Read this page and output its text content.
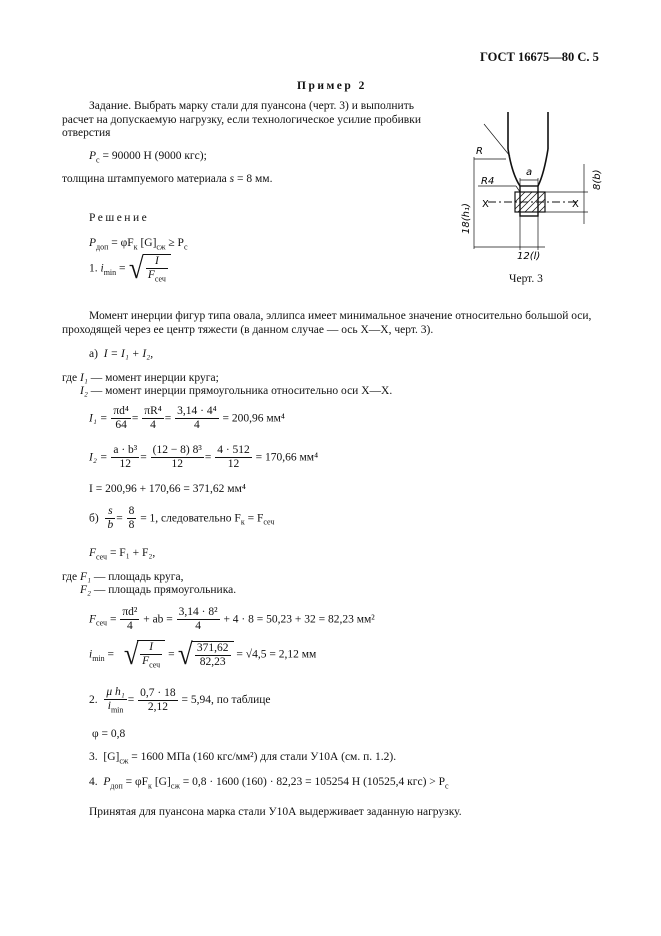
ГОСТ 16675—80 С. 5
Пример 2
Задание. Выбрать марку стали для пуансона (черт. 3) и выполнить
расчет на допускаемую нагрузку, если технологическое усилие пробивки
отверстия
$P_c = 90000$ Н (9000 кгс);
толщина штампуемого материала s = 8 мм.
Решение
$P_{доп} = \varphi F_к$ $[G]_{сж} \ge P_c$
1. $i_{min}$ = √ $\frac{I}{F_{сеч}}$
R
R4
a
X	X
12(l)
8(b)
18(h₁)
Черт. 3
Момент инерции фигур типа овала, эллипса имеет минимальное значение относительно большой оси,
проходящей через ее центр тяжести (в данном случае — ось X—X, черт. 3).
а) I = I₁ + I₂,
где I₁ — момент инерции круга;
I₂ — момент инерции прямоугольника относительно оси X—X.
$I_1 = \frac{\text{πd⁴}}{64} = \frac{\text{πR⁴}}{4} = \frac{\text{3,14 · 4⁴}}{4} = 200,96$ мм⁴
$I_2 = \frac{\text{a · b³}}{12} = \frac{\text{(12 − 8) 8³}}{12} = \frac{4 \cdot 512}{12} = 170,66$ мм⁴
I = 200,96 + 170,66 = 371,62 мм⁴
$б) \frac{s}{b} = \frac{8}{8} = 1$, следовательно $F_к = F_{сеч}$
$F_{сеч} = F_1 + F_2$,
где F₁ — площадь круга,
F₂ — площадь прямоугольника.
$F_{сеч} = \frac{\text{πd²}}{4}$ + ab = $\frac{\text{3,14 · 8²}}{4} + 4 \cdot 8 = 50,23 + 32 = 82,23$ мм²
$i_{min}$ = √ $\frac{I}{F_{сеч}}$ = √ $\frac{371,62}{82,23} = √4,5 = 2,12$ мм
2. $\frac{\text{μ h₁}}{i_{min}} = \frac{0,7 \cdot 18}{2,12} = 5,94$, по таблице
φ = 0,8
3. $[G]_{сж} = 1600$ МПа (160 кгс/мм²) для стали У10А (см. п. 1.2).
4. $P_{доп} = \varphi F_к$ $[G]_{сж} = 0,8 \cdot 1600$ (160) · 82,23 = 105254 Н (10525,4 $кгс) > P_c$
Принятая для пуансона марка стали У10А выдерживает заданную нагрузку.
